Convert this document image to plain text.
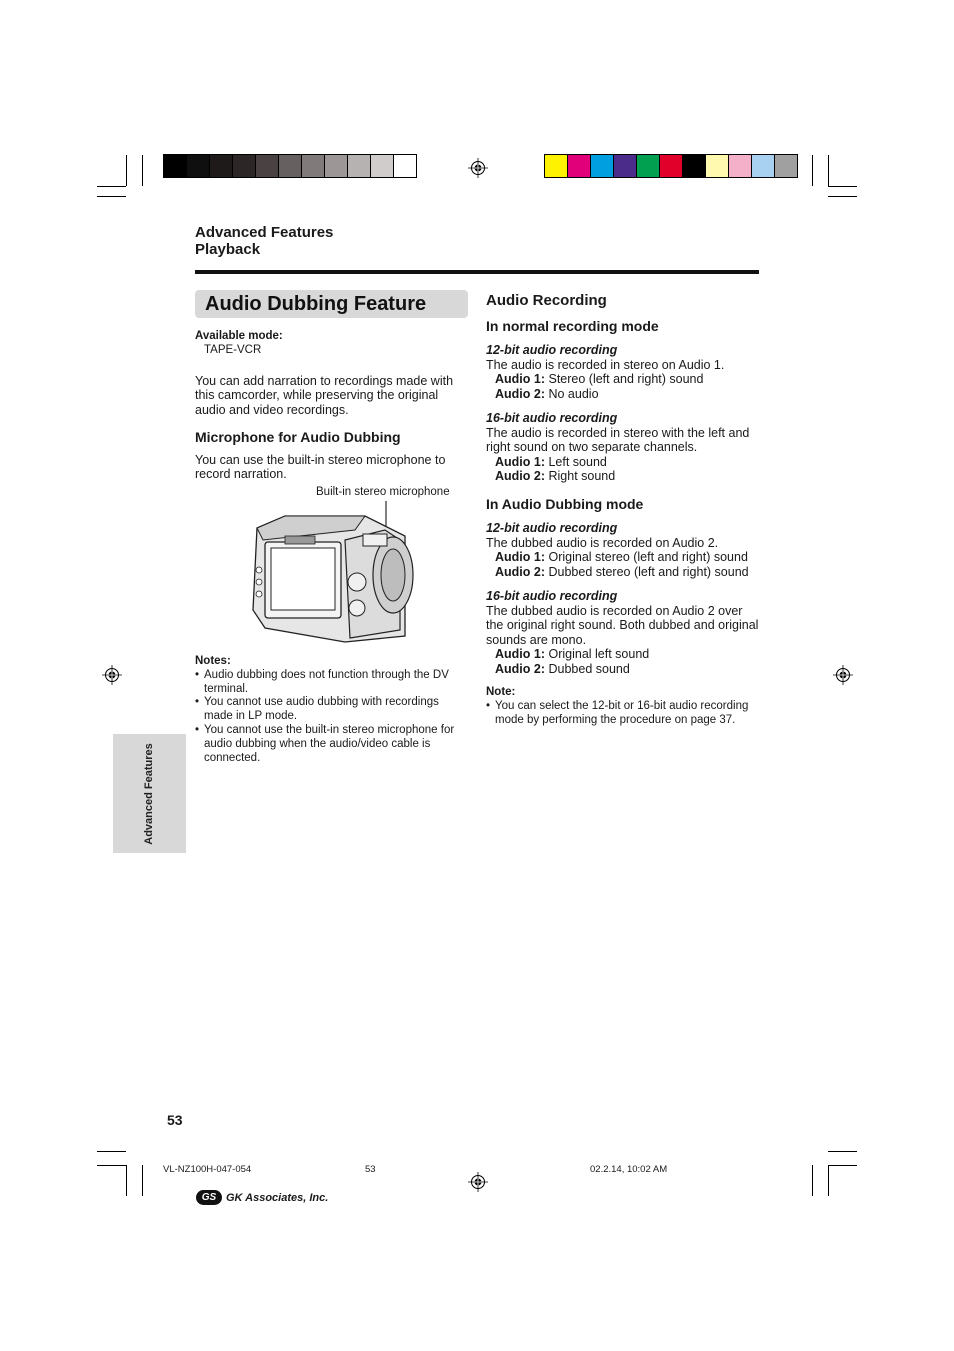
Advanced Features
Playback
Audio Dubbing Feature
Available mode:
TAPE-VCR
You can add narration to recordings made with this camcorder, while preserving the original audio and video recordings.
Microphone for Audio Dubbing
You can use the built-in stereo microphone to record narration.
Built-in stereo microphone
Notes:
• Audio dubbing does not function through the DV terminal.
• You cannot use audio dubbing with recordings made in LP mode.
• You cannot use the built-in stereo microphone for audio dubbing when the audio/video cable is connected.
Audio Recording
In normal recording mode
12-bit audio recording
The audio is recorded in stereo on Audio 1.
Audio 1: Stereo (left and right) sound
Audio 2: No audio
16-bit audio recording
The audio is recorded in stereo with the left and right sound on two separate channels.
Audio 1: Left sound
Audio 2: Right sound
In Audio Dubbing mode
12-bit audio recording
The dubbed audio is recorded on Audio 2.
Audio 1: Original stereo (left and right) sound
Audio 2: Dubbed stereo (left and right) sound
16-bit audio recording
The dubbed audio is recorded on Audio 2 over the original right sound. Both dubbed and original sounds are mono.
Audio 1: Original left sound
Audio 2: Dubbed sound
Note:
• You can select the 12-bit or 16-bit audio recording mode by performing the procedure on page 37.
Advanced Features
53
VL-NZ100H-047-054	53	02.2.14, 10:02 AM
GS GK Associates, Inc.
